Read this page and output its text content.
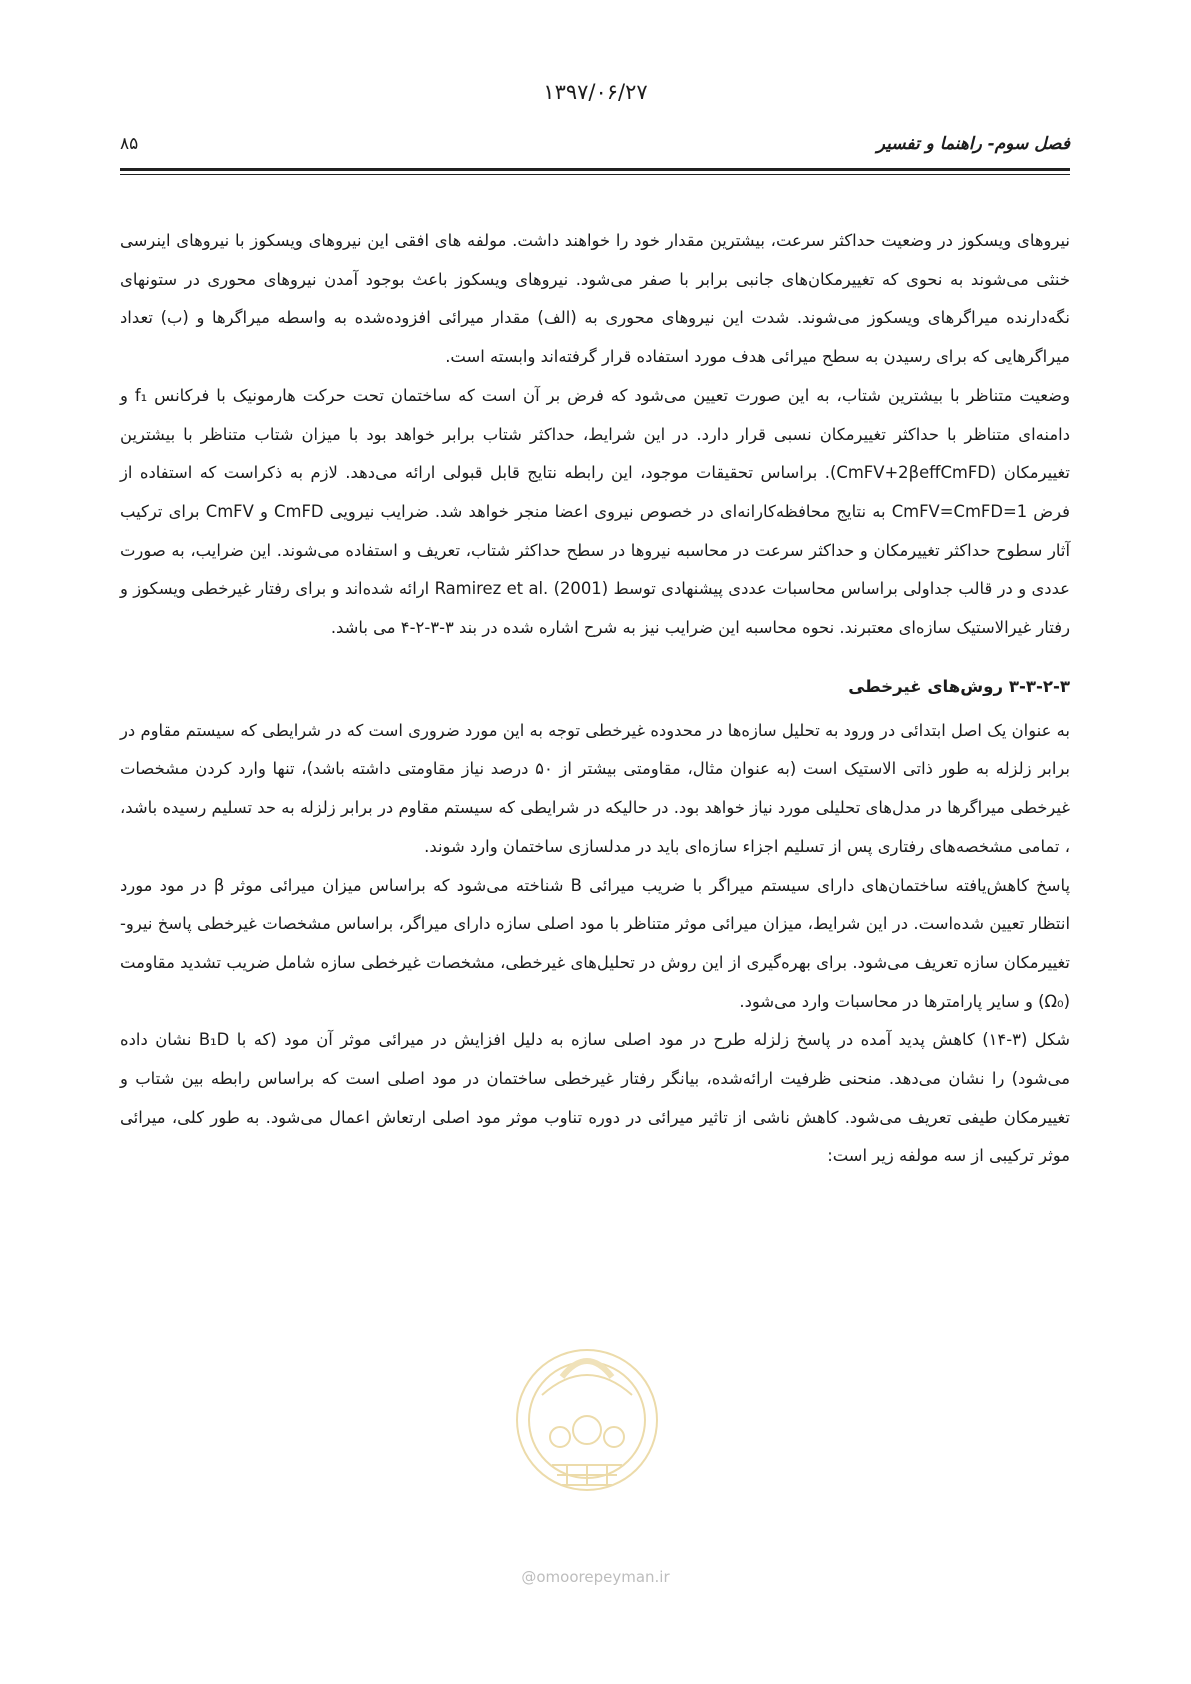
۱۳۹۷/۰۶/۲۷
فصل سوم- راهنما و تفسیر
۸۵

نیروهای ویسکوز در وضعیت حداکثر سرعت، بیشترین مقدار خود را خواهند داشت. مولفه های افقی این نیروهای ویسکوز با نیروهای اینرسی خنثی می‌شوند به نحوی که تغییرمکان‌های جانبی برابر با صفر می‌شود. نیروهای ویسکوز باعث بوجود آمدن نیروهای محوری در ستونهای نگه‌دارنده میراگرهای ویسکوز می‌شوند. شدت این نیروهای محوری به (الف) مقدار میرائی افزوده‌شده به واسطه میراگرها و (ب) تعداد میراگرهایی که برای رسیدن به سطح میرائی هدف مورد استفاده قرار گرفته‌اند وابسته است.

وضعیت متناظر با بیشترین شتاب، به این صورت تعیین می‌شود که فرض بر آن است که ساختمان تحت حرکت هارمونیک با فرکانس f₁ و دامنه‌ای متناظر با حداکثر تغییرمکان نسبی قرار دارد. در این شرایط، حداکثر شتاب برابر خواهد بود با میزان شتاب متناظر با بیشترین تغییرمکان (C‌mFV+2β‌effC‌mFD). براساس تحقیقات موجود، این رابطه نتایج قابل قبولی ارائه می‌دهد. لازم به ذکراست که استفاده از فرض C‌mFV=C‌mFD=1 به نتایج محافظه‌کارانه‌ای در خصوص نیروی اعضا منجر خواهد شد. ضرایب نیرویی C‌mFD و C‌mFV برای ترکیب آثار سطوح حداکثر تغییرمکان و حداکثر سرعت در محاسبه نیروها در سطح حداکثر شتاب، تعریف و استفاده می‌شوند. این ضرایب، به صورت عددی و در قالب جداولی براساس محاسبات عددی پیشنهادی توسط Ramirez et al. (2001) ارائه شده‌اند و برای رفتار غیرخطی ویسکوز و رفتار غیرالاستیک سازه‌ای معتبرند. نحوه محاسبه این ضرایب نیز به شرح اشاره شده در بند ۳-۳-۲-۴ می باشد.

۳-۳-۲-۳ روش‌های غیرخطی

به عنوان یک اصل ابتدائی در ورود به تحلیل سازه‌ها در محدوده غیرخطی توجه به این مورد ضروری است که در شرایطی که سیستم مقاوم در برابر زلزله به طور ذاتی الاستیک است (به عنوان مثال، مقاومتی بیشتر از ۵۰ درصد نیاز مقاومتی داشته باشد)، تنها وارد کردن مشخصات غیرخطی میراگرها در مدل‌های تحلیلی مورد نیاز خواهد بود. در حالیکه در شرایطی که سیستم مقاوم در برابر زلزله به حد تسلیم رسیده باشد، ، تمامی مشخصه‌های رفتاری پس از تسلیم اجزاء سازه‌ای باید در مدلسازی ساختمان وارد شوند.

پاسخ کاهش‌یافته ساختمان‌های دارای سیستم میراگر با ضریب میرائی B شناخته می‌شود که براساس میزان میرائی موثر β در مود مورد انتظار تعیین شده‌است. در این شرایط، میزان میرائی موثر متناظر با مود اصلی سازه دارای میراگر، براساس مشخصات غیرخطی پاسخ نیرو-تغییرمکان سازه تعریف می‌شود. برای بهره‌گیری از این روش در تحلیل‌های غیرخطی، مشخصات غیرخطی سازه شامل ضریب تشدید مقاومت (Ω₀) و سایر پارامترها در محاسبات وارد می‌شود.

شکل (۳-۱۴) کاهش پدید آمده در پاسخ زلزله طرح در مود اصلی سازه به دلیل افزایش در میرائی موثر آن مود (که با B₁D نشان داده می‌شود) را نشان می‌دهد. منحنی ظرفیت ارائه‌شده، بیانگر رفتار غیرخطی ساختمان در مود اصلی است که براساس رابطه بین شتاب و تغییرمکان طیفی تعریف می‌شود. کاهش ناشی از تاثیر میرائی در دوره تناوب موثر مود اصلی ارتعاش اعمال می‌شود. به طور کلی، میرائی موثر ترکیبی از سه مولفه زیر است:

@omoorepeyman.ir
